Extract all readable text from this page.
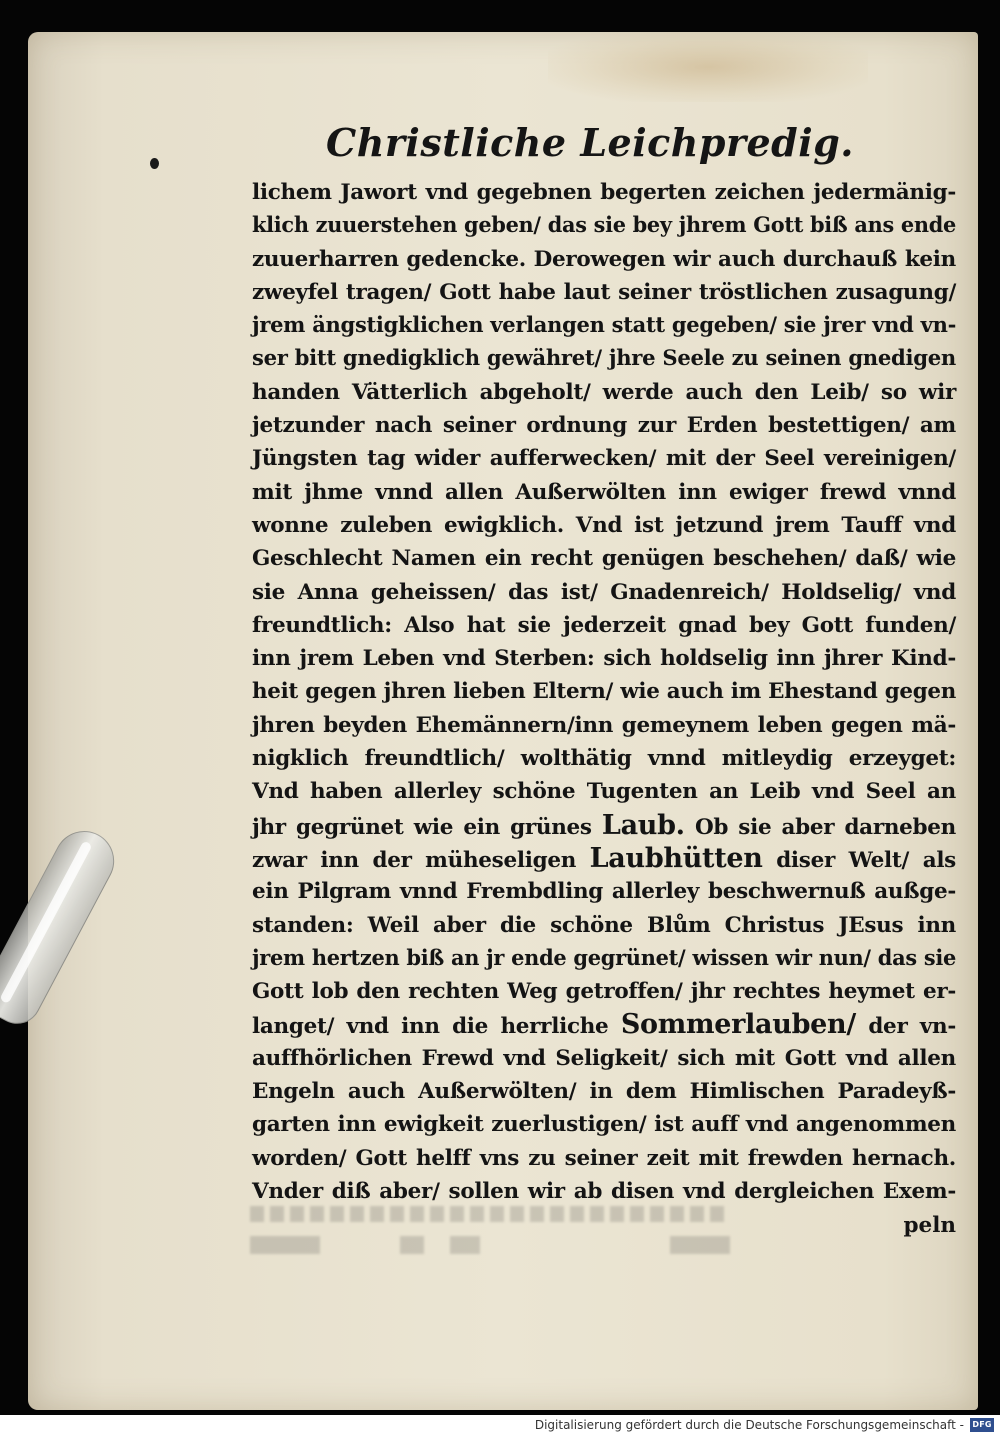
Christliche Leichpredig.
lichem Jawort vnd gegebnen begerten zeichen jedermänig-
klich zuuerstehen geben/ das sie bey jhrem Gott biß ans ende
zuuerharren gedencke. Derowegen wir auch durchauß kein
zweyfel tragen/ Gott habe laut seiner tröstlichen zusagung/
jrem ängstigklichen verlangen statt gegeben/ sie jrer vnd vn-
ser bitt gnedigklich gewähret/ jhre Seele zu seinen gnedigen
handen Vätterlich abgeholt/ werde auch den Leib/ so wir
jetzunder nach seiner ordnung zur Erden bestettigen/ am
Jüngsten tag wider aufferwecken/ mit der Seel vereinigen/
mit jhme vnnd allen Außerwölten inn ewiger frewd vnnd
wonne zuleben ewigklich. Vnd ist jetzund jrem Tauff vnd
Geschlecht Namen ein recht genügen beschehen/ daß/ wie
sie Anna geheissen/ das ist/ Gnadenreich/ Holdselig/ vnd
freundtlich: Also hat sie jederzeit gnad bey Gott funden/
inn jrem Leben vnd Sterben: sich holdselig inn jhrer Kind-
heit gegen jhren lieben Eltern/ wie auch im Ehestand gegen
jhren beyden Ehemännern/inn gemeynem leben gegen mä-
nigklich freundtlich/ wolthätig vnnd mitleydig erzeyget:
Vnd haben allerley schöne Tugenten an Leib vnd Seel an
jhr gegrünet wie ein grünes Laub. Ob sie aber darneben
zwar inn der müheseligen Laubhütten diser Welt/ als
ein Pilgram vnnd Frembdling allerley beschwernuß außge-
standen: Weil aber die schöne Blům Christus JEsus inn
jrem hertzen biß an jr ende gegrünet/ wissen wir nun/ das sie
Gott lob den rechten Weg getroffen/ jhr rechtes heymet er-
langet/ vnd inn die herrliche Sommerlauben/ der vn-
auffhörlichen Frewd vnd Seligkeit/ sich mit Gott vnd allen
Engeln auch Außerwölten/ in dem Himlischen Paradeyß-
garten inn ewigkeit zuerlustigen/ ist auff vnd angenommen
worden/ Gott helff vns zu seiner zeit mit frewden hernach.
Vnder diß aber/ sollen wir ab disen vnd dergleichen Exem-
peln
Digitalisierung gefördert durch die Deutsche Forschungsgemeinschaft - DFG
